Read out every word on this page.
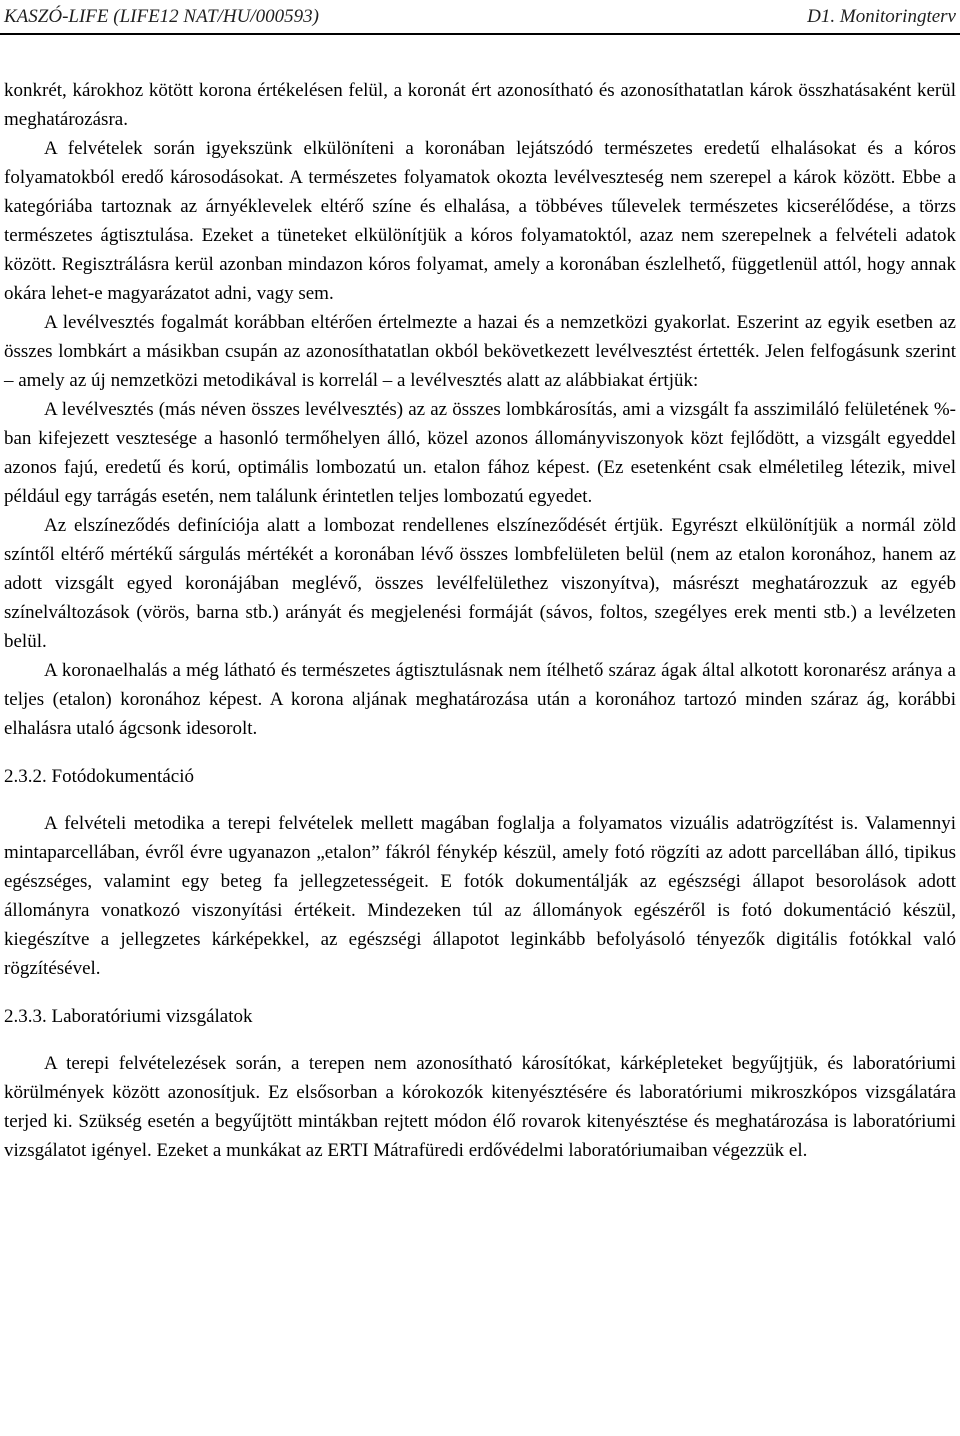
KASZÓ-LIFE (LIFE12 NAT/HU/000593)	D1. Monitoringterv

konkrét, károkhoz kötött korona értékelésen felül, a koronát ért azonosítható és azonosíthatatlan károk összhatásaként kerül meghatározásra.

A felvételek során igyekszünk elkülöníteni a koronában lejátszódó természetes eredetű elhalásokat és a kóros folyamatokból eredő károsodásokat. A természetes folyamatok okozta levélveszteség nem szerepel a károk között. Ebbe a kategóriába tartoznak az árnyéklevelek eltérő színe és elhalása, a többéves tűlevelek természetes kicserélődése, a törzs természetes ágtisztulása. Ezeket a tüneteket elkülönítjük a kóros folyamatoktól, azaz nem szerepelnek a felvételi adatok között. Regisztrálásra kerül azonban mindazon kóros folyamat, amely a koronában észlelhető, függetlenül attól, hogy annak okára lehet-e magyarázatot adni, vagy sem.

A levélvesztés fogalmát korábban eltérően értelmezte a hazai és a nemzetközi gyakorlat. Eszerint az egyik esetben az összes lombkárt a másikban csupán az azonosíthatatlan okból bekövetkezett levélvesztést értették. Jelen felfogásunk szerint – amely az új nemzetközi metodikával is korrelál – a levélvesztés alatt az alábbiakat értjük:

A levélvesztés (más néven összes levélvesztés) az az összes lombkárosítás, ami a vizsgált fa asszimiláló felületének %-ban kifejezett vesztesége a hasonló termőhelyen álló, közel azonos állományviszonyok közt fejlődött, a vizsgált egyeddel azonos fajú, eredetű és korú, optimális lombozatú un. etalon fához képest. (Ez esetenként csak elméletileg létezik, mivel például egy tarrágás esetén, nem találunk érintetlen teljes lombozatú egyedet.

Az elszíneződés definíciója alatt a lombozat rendellenes elszíneződését értjük. Egyrészt elkülönítjük a normál zöld színtől eltérő mértékű sárgulás mértékét a koronában lévő összes lombfelületen belül (nem az etalon koronához, hanem az adott vizsgált egyed koronájában meglévő, összes levélfelülethez viszonyítva), másrészt meghatározzuk az egyéb színelváltozások (vörös, barna stb.) arányát és megjelenési formáját (sávos, foltos, szegélyes erek menti stb.) a levélzeten belül.

A koronaelhalás a még látható és természetes ágtisztulásnak nem ítélhető száraz ágak által alkotott koronarész aránya a teljes (etalon) koronához képest. A korona aljának meghatározása után a koronához tartozó minden száraz ág, korábbi elhalásra utaló ágcsonk idesorolt.

2.3.2. Fotódokumentáció

A felvételi metodika a terepi felvételek mellett magában foglalja a folyamatos vizuális adatrögzítést is. Valamennyi mintaparcellában, évről évre ugyanazon „etalon” fákról fénykép készül, amely fotó rögzíti az adott parcellában álló, tipikus egészséges, valamint egy beteg fa jellegzetességeit. E fotók dokumentálják az egészségi állapot besorolások adott állományra vonatkozó viszonyítási értékeit. Mindezeken túl az állományok egészéről is fotó dokumentáció készül, kiegészítve a jellegzetes kárképekkel, az egészségi állapotot leginkább befolyásoló tényezők digitális fotókkal való rögzítésével.

2.3.3. Laboratóriumi vizsgálatok

A terepi felvételezések során, a terepen nem azonosítható károsítókat, kárképleteket begyűjtjük, és laboratóriumi körülmények között azonosítjuk. Ez elsősorban a kórokozók kitenyésztésére és laboratóriumi mikroszkópos vizsgálatára terjed ki. Szükség esetén a begyűjtött mintákban rejtett módon élő rovarok kitenyésztése és meghatározása is laboratóriumi vizsgálatot igényel. Ezeket a munkákat az ERTI Mátrafüredi erdővédelmi laboratóriumaiban végezzük el.
